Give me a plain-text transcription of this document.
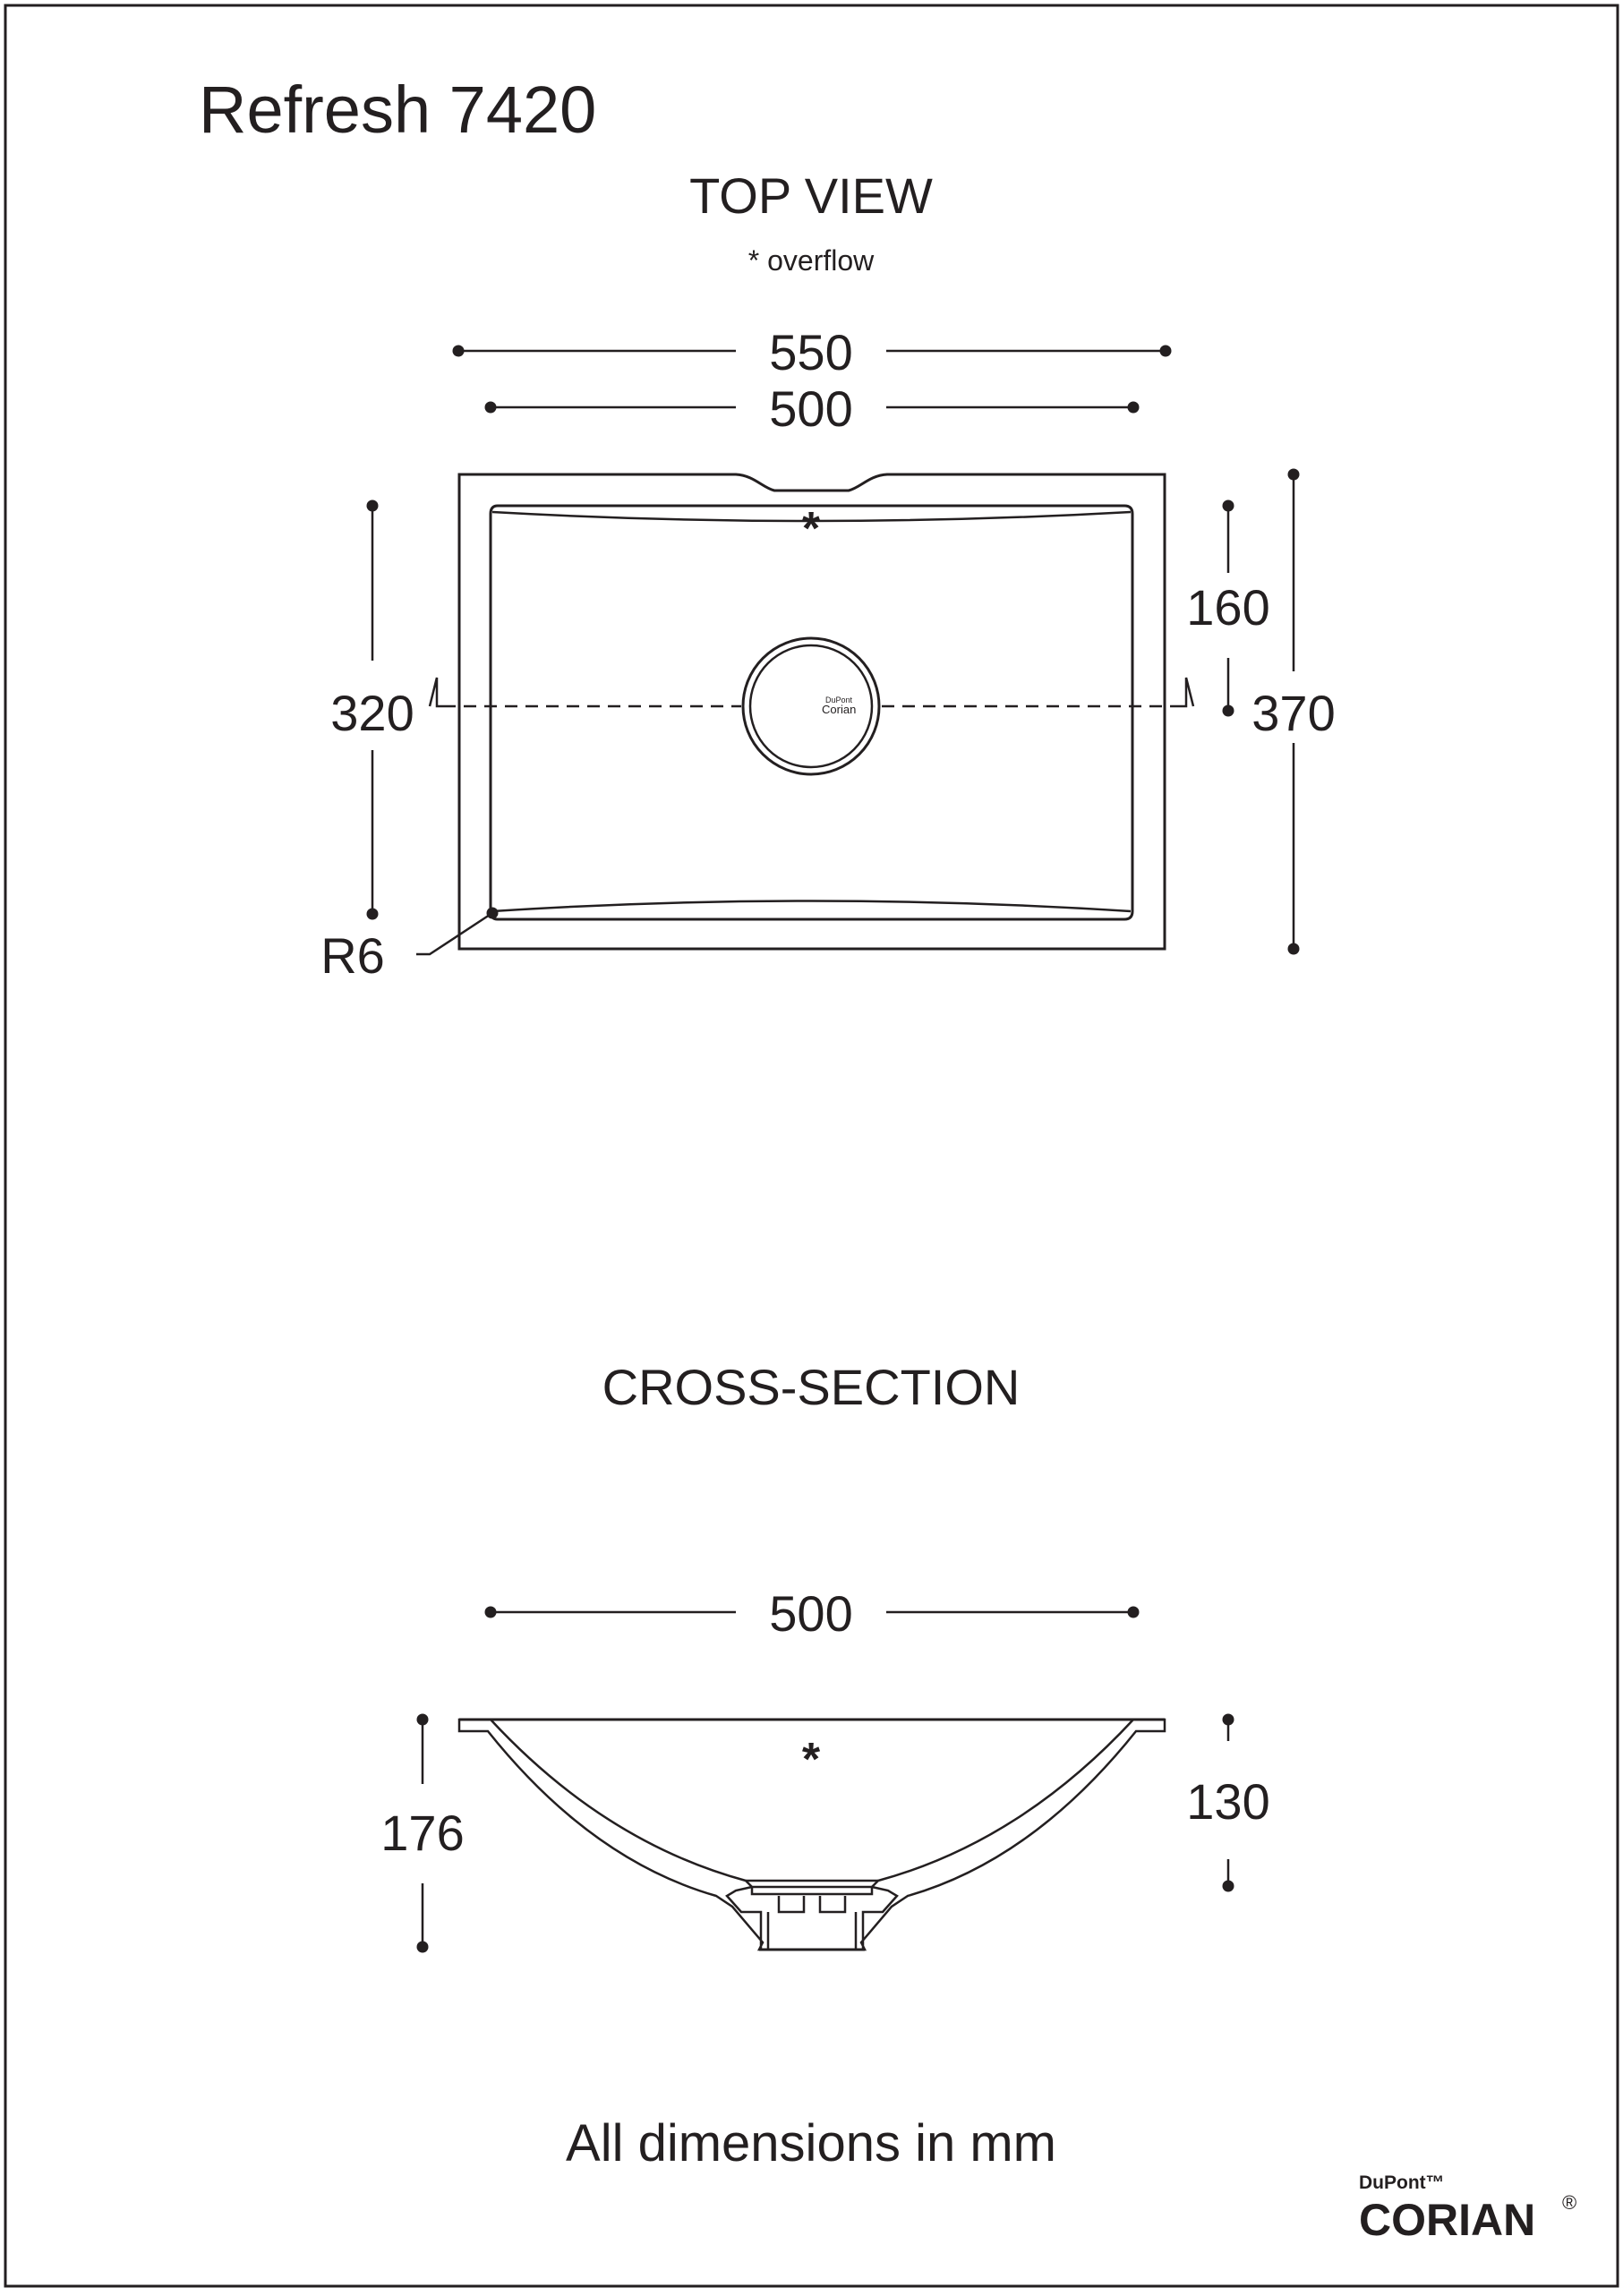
Refresh 7420
TOP VIEW
* overflow
550
500
*
DuPont
Corian
320
160
370
R6
CROSS-SECTION
500
*
176
130
All dimensions in mm
DuPont™
CORIAN ®
